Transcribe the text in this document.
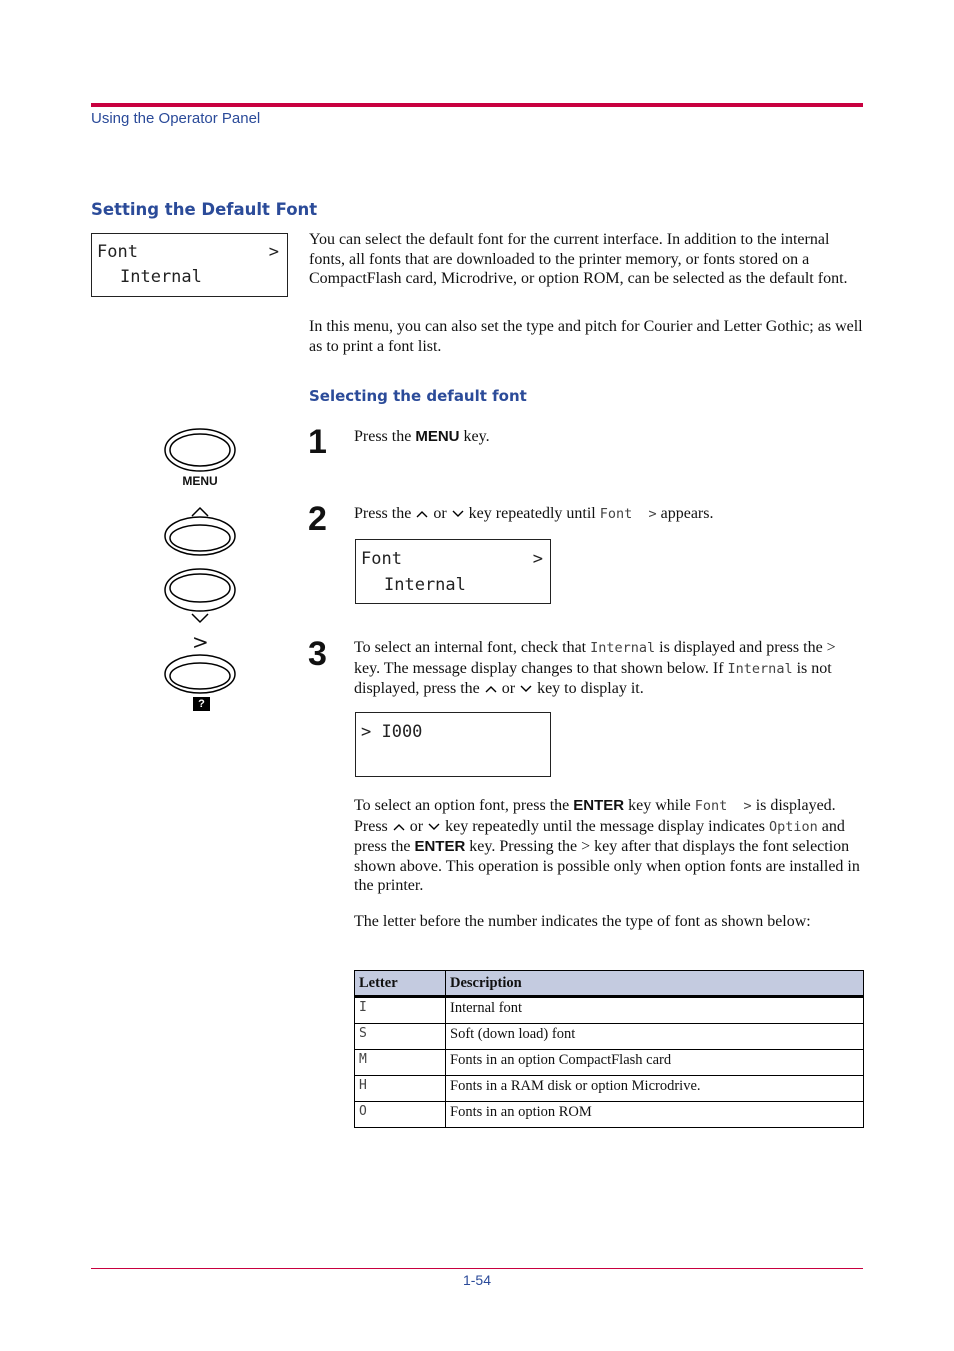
Using the Operator Panel
Setting the Default Font
Font	>
Internal
You can select the default font for the current interface. In addition to the internal fonts, all fonts that are downloaded to the printer memory, or fonts stored on a CompactFlash card, Microdrive, or option ROM, can be selected as the default font.
In this menu, you can also set the type and pitch for Courier and Letter Gothic; as well as to print a font list.
Selecting the default font
MENU
>
?
1 Press the MENU key.
2 Press the  or  key repeatedly until Font  > appears.
Font	>
Internal
3 To select an internal font, check that Internal is displayed and press the > key. The message display changes to that shown below. If Internal is not displayed, press the  or  key to display it.
> I000
To select an option font, press the ENTER key while Font  > is displayed. Press  or  key repeatedly until the message display indicates Option and press the ENTER key. Pressing the > key after that displays the font selection shown above. This operation is possible only when option fonts are installed in the printer.
The letter before the number indicates the type of font as shown below:
Letter	Description
I	Internal font
S	Soft (down load) font
M	Fonts in an option CompactFlash card
H	Fonts in a RAM disk or option Microdrive.
O	Fonts in an option ROM
1-54
